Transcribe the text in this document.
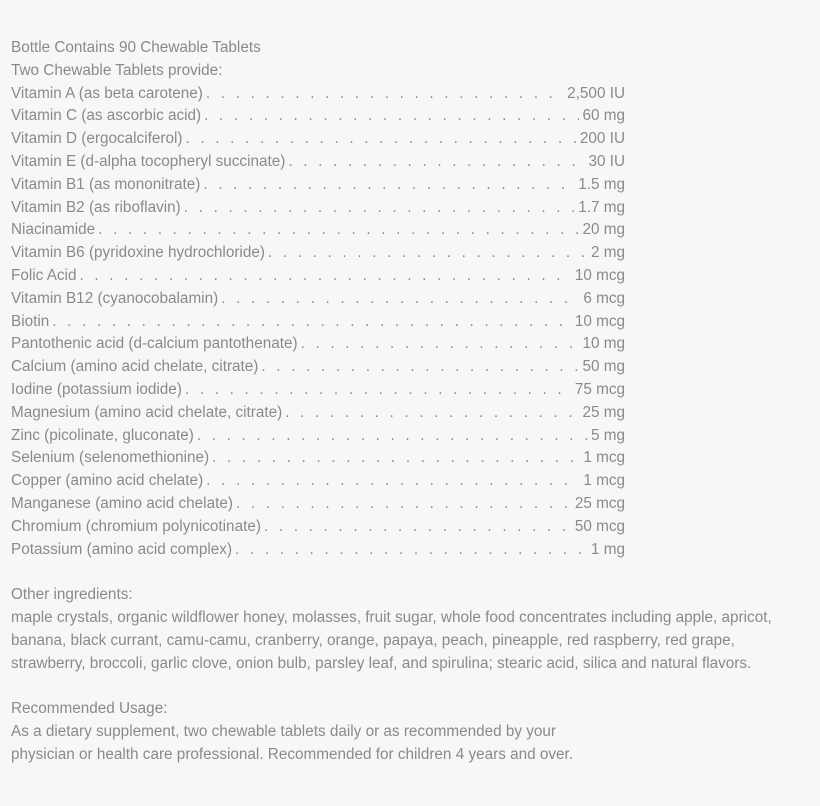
Bottle Contains 90 Chewable Tablets
Two Chewable Tablets provide:
Vitamin A (as beta carotene) . . .	2,500 IU
Vitamin C (as ascorbic acid) . . .	60 mg
Vitamin D (ergocalciferol) . . .	200 IU
Vitamin E (d-alpha tocopheryl succinate) . . .	30 IU
Vitamin B1 (as mononitrate) . . .	1.5 mg
Vitamin B2 (as riboflavin) . . .	1.7 mg
Niacinamide . . .	20 mg
Vitamin B6 (pyridoxine hydrochloride) . . .	2 mg
Folic Acid . . .	10 mcg
Vitamin B12 (cyanocobalamin) . . .	6 mcg
Biotin . . .	10 mcg
Pantothenic acid (d-calcium pantothenate) . . .	10 mg
Calcium (amino acid chelate, citrate) . . .	50 mg
Iodine (potassium iodide) . . .	75 mcg
Magnesium (amino acid chelate, citrate) . . .	25 mg
Zinc (picolinate, gluconate) . . .	5 mg
Selenium (selenomethionine) . . .	1 mcg
Copper (amino acid chelate) . . .	1 mcg
Manganese (amino acid chelate) . . .	25 mcg
Chromium (chromium polynicotinate) . . .	50 mcg
Potassium (amino acid complex) . . .	1 mg
Other ingredients:

maple crystals, organic wildflower honey, molasses, fruit sugar, whole food concentrates including apple, apricot, banana, black currant, camu-camu, cranberry, orange, papaya, peach, pineapple, red raspberry, red grape, strawberry, broccoli, garlic clove, onion bulb, parsley leaf, and spirulina; stearic acid, silica and natural flavors.

Recommended Usage:
As a dietary supplement, two chewable tablets daily or as recommended by your
physician or health care professional. Recommended for children 4 years and over.
